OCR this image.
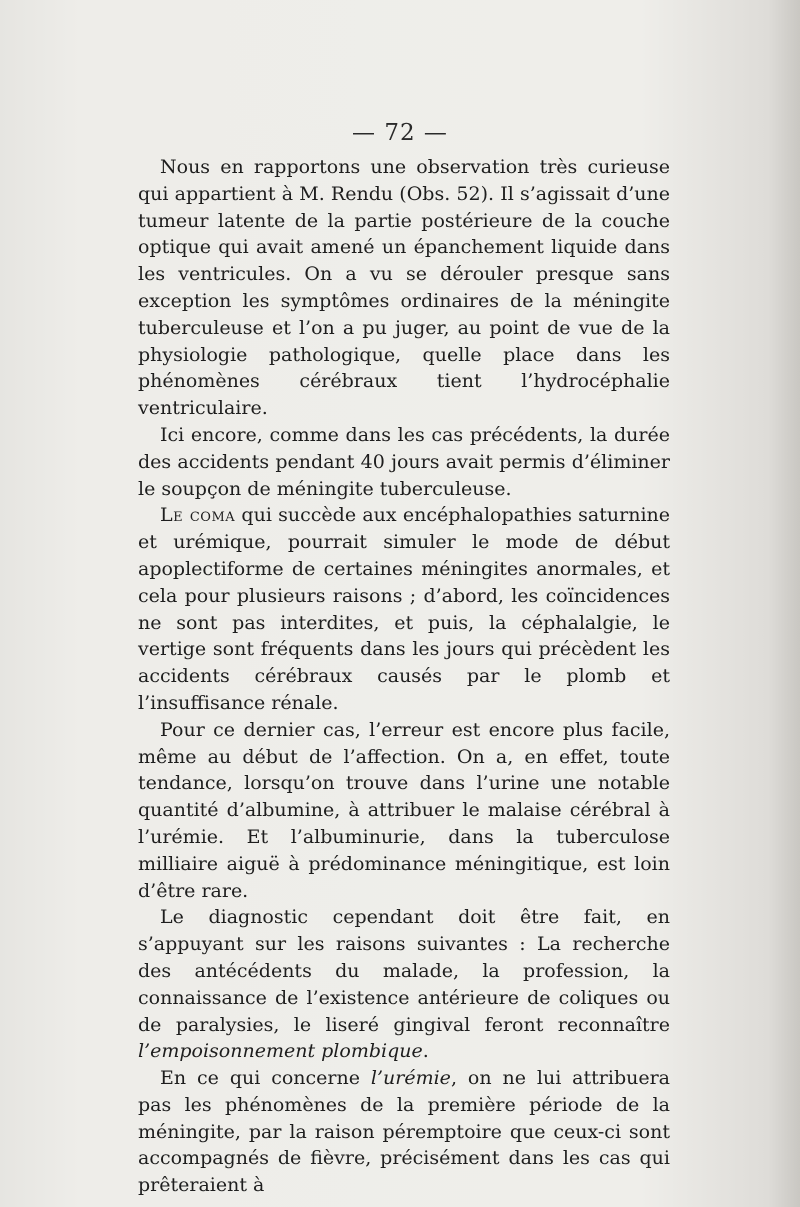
— 72 —

Nous en rapportons une observation très curieuse qui appartient à M. Rendu (Obs. 52). Il s’agissait d’une tumeur latente de la partie postérieure de la couche optique qui avait amené un épanchement liquide dans les ventricules. On a vu se dérouler presque sans exception les symptômes ordinaires de la méningite tuberculeuse et l’on a pu juger, au point de vue de la physiologie pathologique, quelle place dans les phénomènes cérébraux tient l’hydrocéphalie ventriculaire.

Ici encore, comme dans les cas précédents, la durée des accidents pendant 40 jours avait permis d’éliminer le soupçon de méningite tuberculeuse.

Le coma qui succède aux encéphalopathies saturnine et urémique, pourrait simuler le mode de début apoplectiforme de certaines méningites anormales, et cela pour plusieurs raisons ; d’abord, les coïncidences ne sont pas interdites, et puis, la céphalalgie, le vertige sont fréquents dans les jours qui précèdent les accidents cérébraux causés par le plomb et l’insuffisance rénale.

Pour ce dernier cas, l’erreur est encore plus facile, même au début de l’affection. On a, en effet, toute tendance, lorsqu’on trouve dans l’urine une notable quantité d’albumine, à attribuer le malaise cérébral à l’urémie. Et l’albuminurie, dans la tuberculose milliaire aiguë à prédominance méningitique, est loin d’être rare.

Le diagnostic cependant doit être fait, en s’appuyant sur les raisons suivantes : La recherche des antécédents du malade, la profession, la connaissance de l’existence antérieure de coliques ou de paralysies, le liseré gingival feront reconnaître l’empoisonnement plombique.

En ce qui concerne l’urémie, on ne lui attribuera pas les phénomènes de la première période de la méningite, par la raison péremptoire que ceux-ci sont accompagnés de fièvre, précisément dans les cas qui prêteraient à
